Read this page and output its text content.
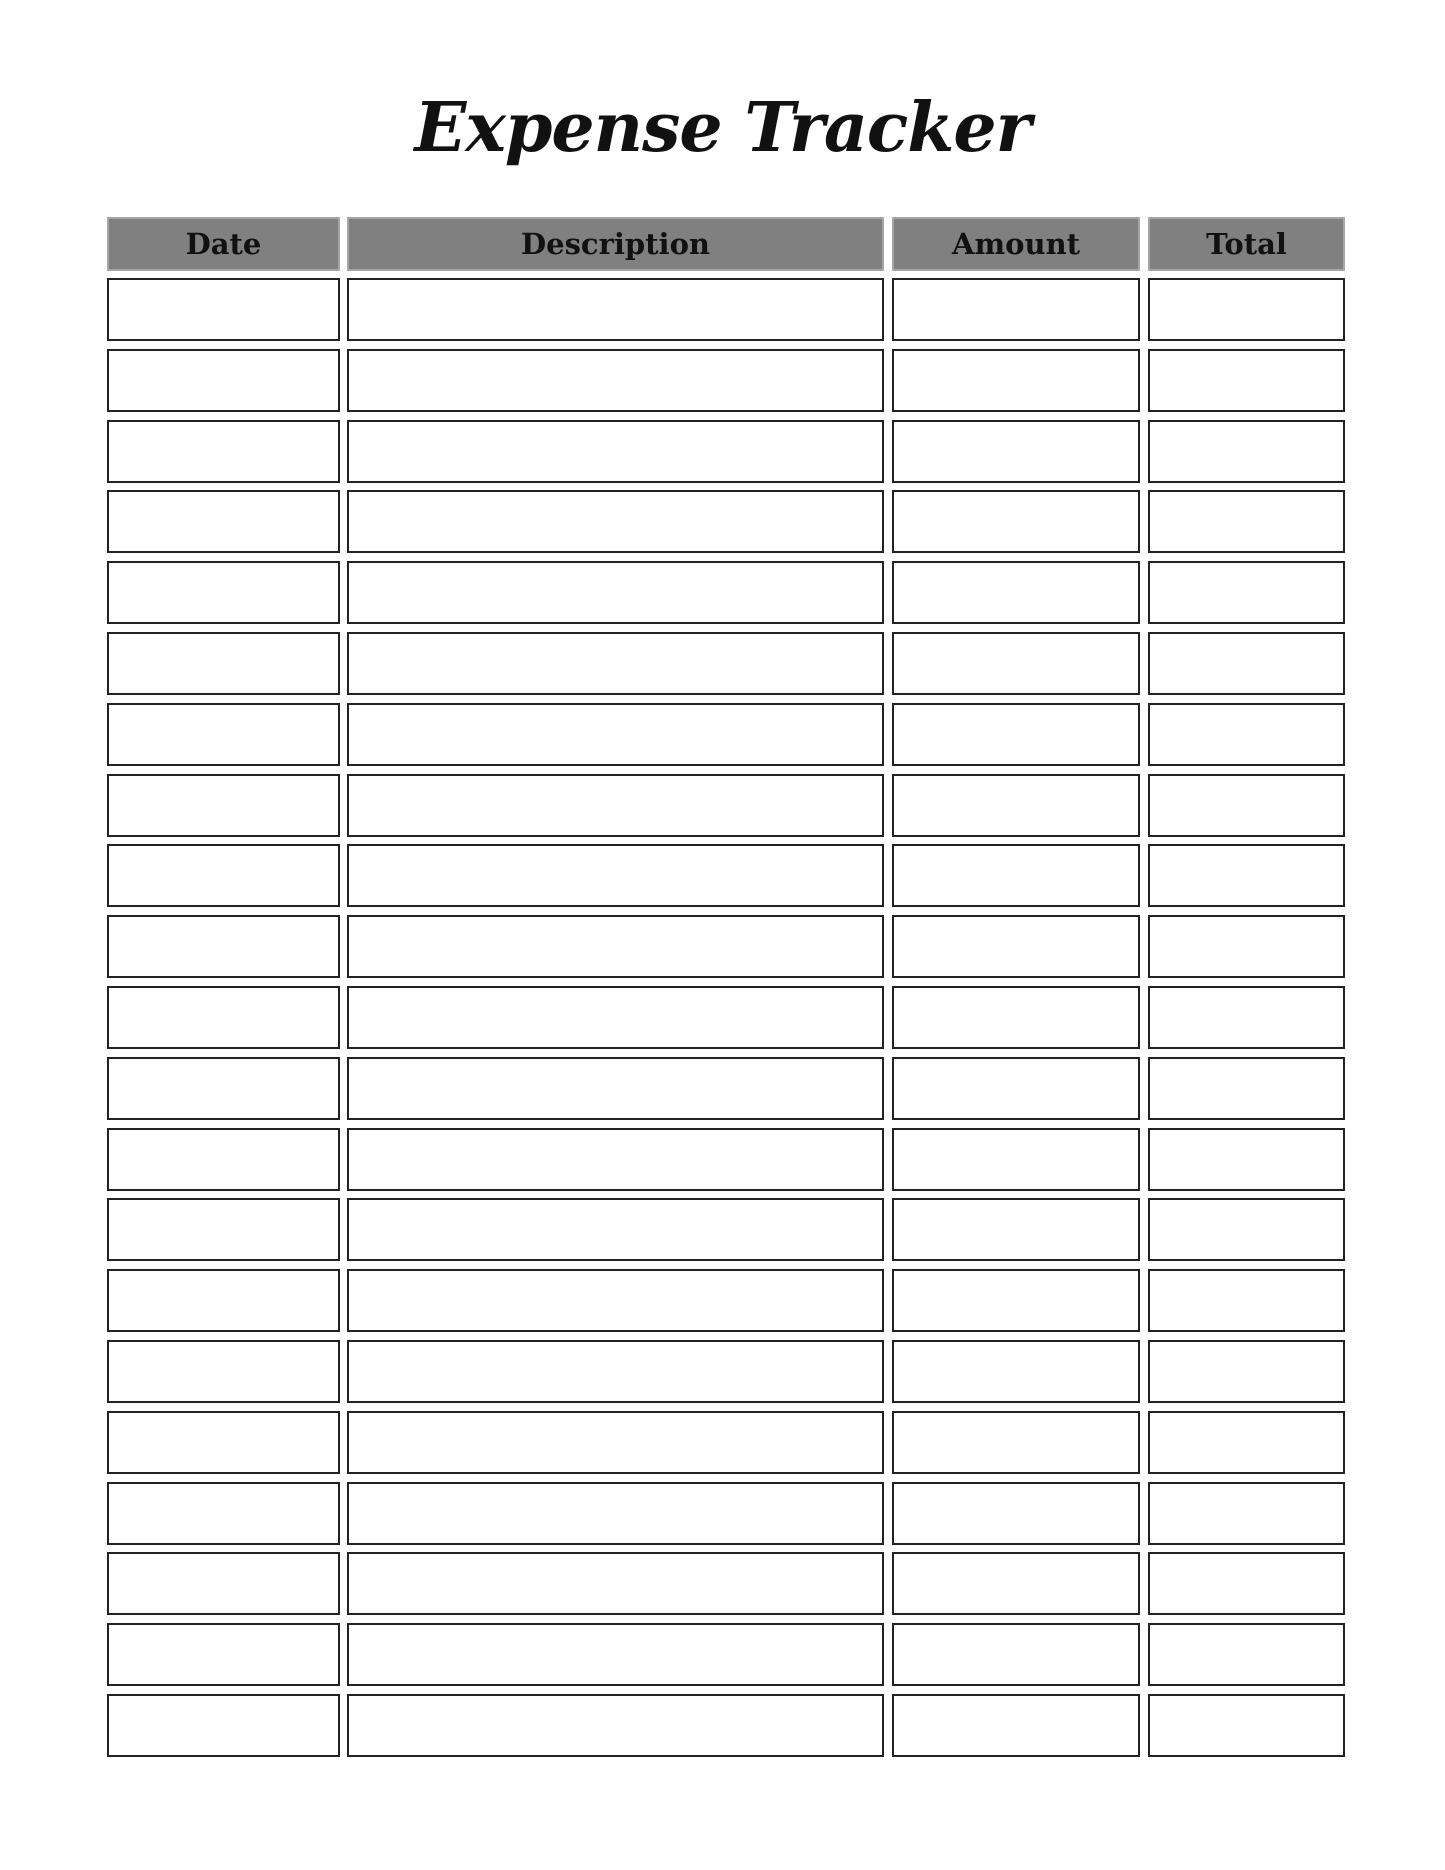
Expense Tracker
Date	Description	Amount	Total
